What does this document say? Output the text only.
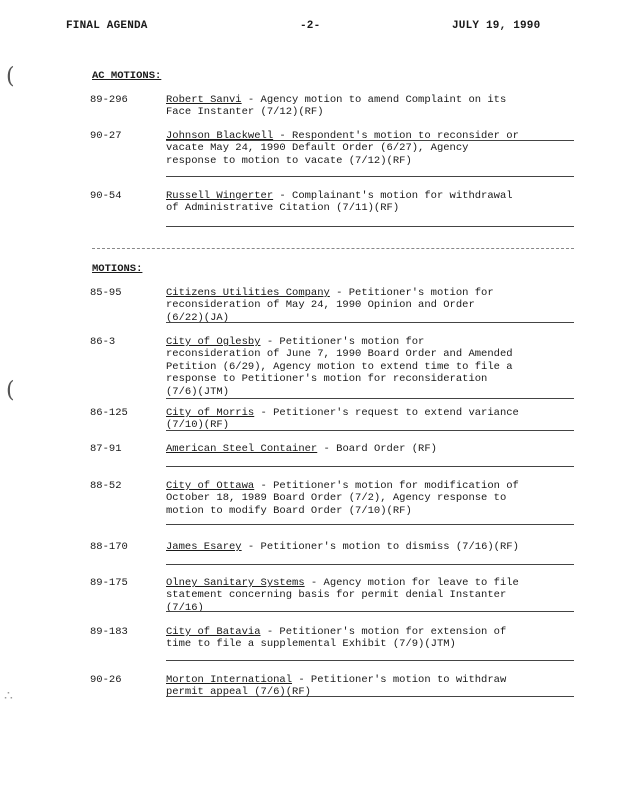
FINAL AGENDA	-2-	JULY 19, 1990
(
(
∴
AC MOTIONS:
89-296	Robert Sanvi - Agency motion to amend Complaint on its
Face Instanter (7/12)(RF)
90-27	Johnson Blackwell - Respondent's motion to reconsider or
vacate May 24, 1990 Default Order (6/27), Agency
response to motion to vacate (7/12)(RF)
90-54	Russell Wingerter - Complainant's motion for withdrawal
of Administrative Citation (7/11)(RF)
MOTIONS:
85-95	Citizens Utilities Company - Petitioner's motion for
reconsideration of May 24, 1990 Opinion and Order
(6/22)(JA)
86-3	City of Oglesby - Petitioner's motion for
reconsideration of June 7, 1990 Board Order and Amended
Petition (6/29), Agency motion to extend time to file a
response to Petitioner's motion for reconsideration
(7/6)(JTM)
86-125	City of Morris - Petitioner's request to extend variance
(7/10)(RF)
87-91	American Steel Container - Board Order (RF)
88-52	City of Ottawa - Petitioner's motion for modification of
October 18, 1989 Board Order (7/2), Agency response to
motion to modify Board Order (7/10)(RF)
88-170	James Esarey - Petitioner's motion to dismiss (7/16)(RF)
89-175	Olney Sanitary Systems - Agency motion for leave to file
statement concerning basis for permit denial Instanter
(7/16)
89-183	City of Batavia - Petitioner's motion for extension of
time to file a supplemental Exhibit (7/9)(JTM)
90-26	Morton International - Petitioner's motion to withdraw
permit appeal (7/6)(RF)
